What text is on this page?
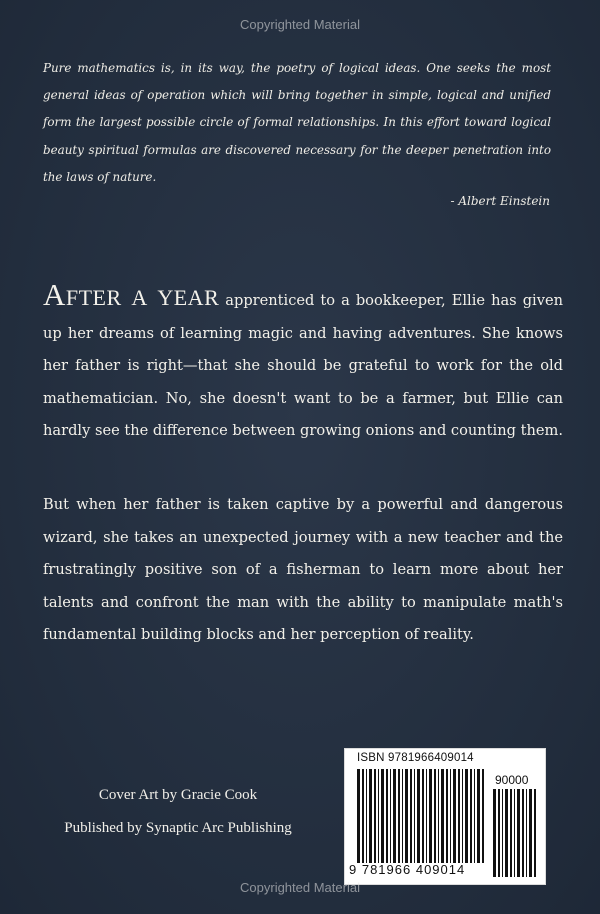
Copyrighted Material
Pure mathematics is, in its way, the poetry of logical ideas. One seeks the most general ideas of operation which will bring together in simple, logical and unified form the largest possible circle of formal relationships. In this effort toward logical beauty spiritual formulas are discovered necessary for the deeper penetration into the laws of nature.
- Albert Einstein

After a year apprenticed to a bookkeeper, Ellie has given up her dreams of learning magic and having adventures. She knows her father is right—that she should be grateful to work for the old mathematician. No, she doesn't want to be a farmer, but Ellie can hardly see the difference between growing onions and counting them.

But when her father is taken captive by a powerful and dangerous wizard, she takes an unexpected journey with a new teacher and the frustratingly positive son of a fisherman to learn more about her talents and confront the man with the ability to manipulate math's fundamental building blocks and her perception of reality.

Cover Art by Gracie Cook
Published by Synaptic Arc Publishing
ISBN 9781966409014
90000
9 781966 409014
Copyrighted Material
